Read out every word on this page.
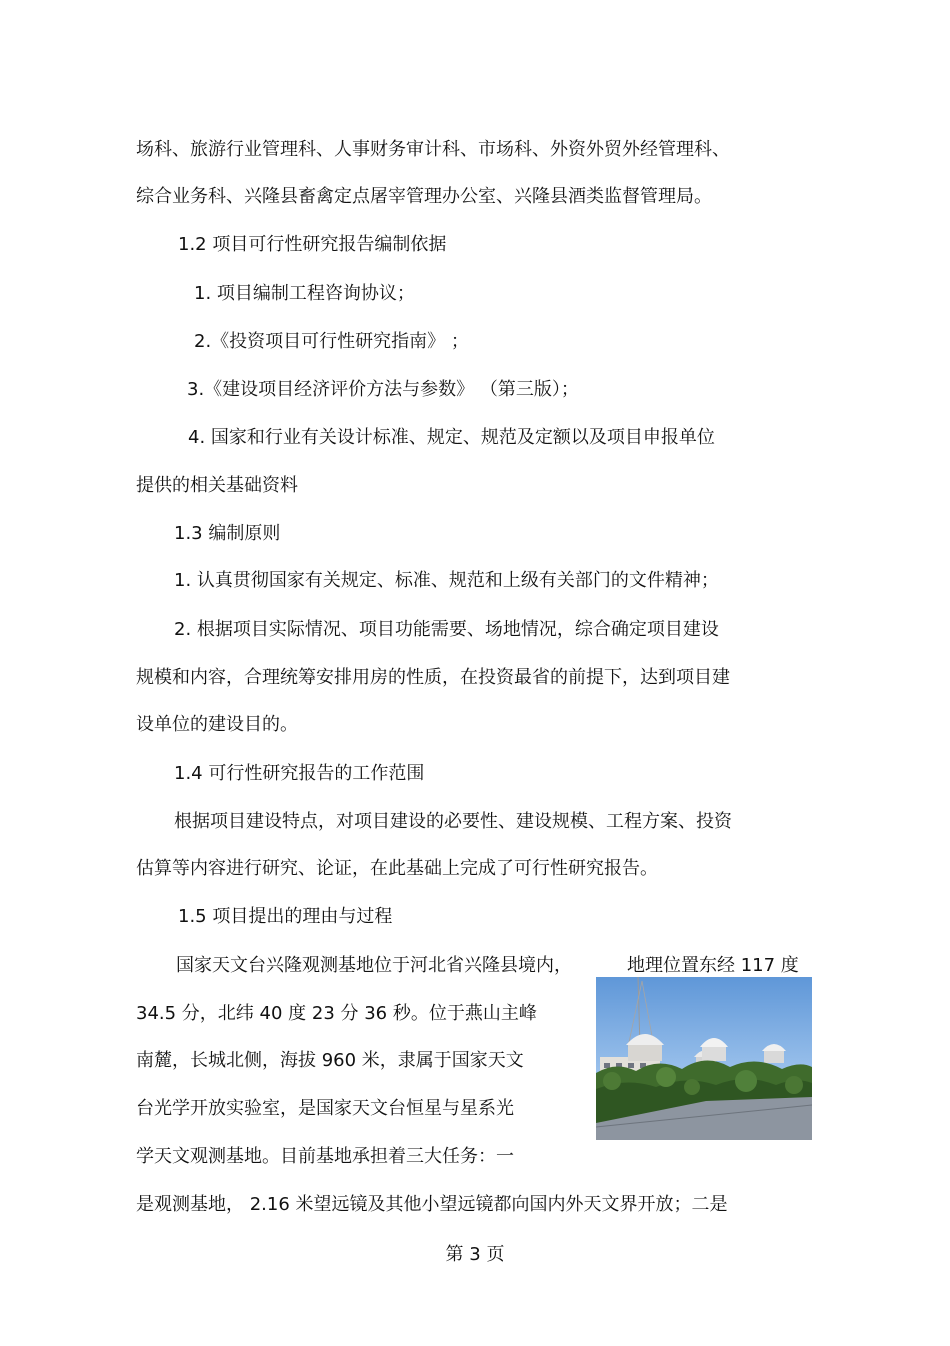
场科、旅游行业管理科、人事财务审计科、市场科、外资外贸外经管理科、
综合业务科、兴隆县畜禽定点屠宰管理办公室、兴隆县酒类监督管理局。
1.2 项目可行性研究报告编制依据
1. 项目编制工程咨询协议；
2.《投资项目可行性研究指南》 ；
3.《建设项目经济评价方法与参数》 （第三版）；
4. 国家和行业有关设计标准、规定、规范及定额以及项目申报单位
提供的相关基础资料
1.3 编制原则
1. 认真贯彻国家有关规定、标准、规范和上级有关部门的文件精神；
2. 根据项目实际情况、项目功能需要、场地情况，综合确定项目建设
规模和内容，合理统筹安排用房的性质，在投资最省的前提下，达到项目建
设单位的建设目的。
1.4 可行性研究报告的工作范围
根据项目建设特点，对项目建设的必要性、建设规模、工程方案、投资
估算等内容进行研究、论证，在此基础上完成了可行性研究报告。
1.5 项目提出的理由与过程
国家天文台兴隆观测基地位于河北省兴隆县境内，	地理位置东经 117 度
34.5 分，北纬 40 度 23 分 36 秒。位于燕山主峰
南麓，长城北侧，海拔 960 米，隶属于国家天文
台光学开放实验室，是国家天文台恒星与星系光
学天文观测基地。目前基地承担着三大任务：一
是观测基地， 2.16 米望远镜及其他小望远镜都向国内外天文界开放；二是
第 3 页
